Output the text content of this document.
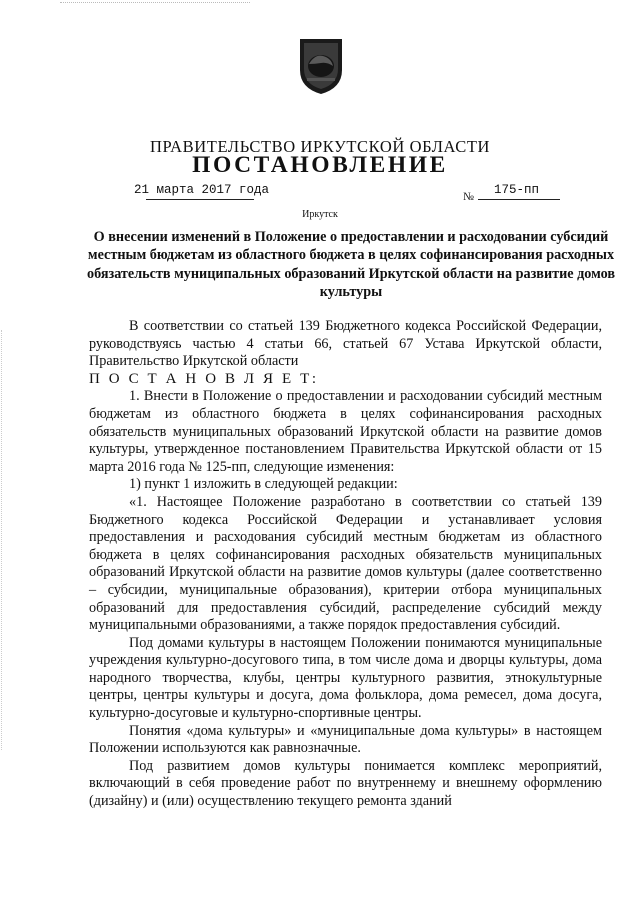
ПРАВИТЕЛЬСТВО ИРКУТСКОЙ ОБЛАСТИ
ПОСТАНОВЛЕНИЕ
21 марта 2017 года	№ 175-пп
Иркутск
О внесении изменений в Положение о предоставлении и расходовании субсидий местным бюджетам из областного бюджета в целях софинансирования расходных обязательств муниципальных образований Иркутской области на развитие домов культуры

В соответствии со статьей 139 Бюджетного кодекса Российской Федерации, руководствуясь частью 4 статьи 66, статьей 67 Устава Иркутской области, Правительство Иркутской области

П О С Т А Н О В Л Я Е Т:

1. Внести в Положение о предоставлении и расходовании субсидий местным бюджетам из областного бюджета в целях софинансирования расходных обязательств муниципальных образований Иркутской области на развитие домов культуры, утвержденное постановлением Правительства Иркутской области от 15 марта 2016 года № 125-пп, следующие изменения:

1) пункт 1 изложить в следующей редакции:

«1. Настоящее Положение разработано в соответствии со статьей 139 Бюджетного кодекса Российской Федерации и устанавливает условия предоставления и расходования субсидий местным бюджетам из областного бюджета в целях софинансирования расходных обязательств муниципальных образований Иркутской области на развитие домов культуры (далее соответственно – субсидии, муниципальные образования), критерии отбора муниципальных образований для предоставления субсидий, распределение субсидий между муниципальными образованиями, а также порядок предоставления субсидий.

Под домами культуры в настоящем Положении понимаются муниципальные учреждения культурно-досугового типа, в том числе дома и дворцы культуры, дома народного творчества, клубы, центры культурного развития, этнокультурные центры, центры культуры и досуга, дома фольклора, дома ремесел, дома досуга, культурно-досуговые и культурно-спортивные центры.

Понятия «дома культуры» и «муниципальные дома культуры» в настоящем Положении используются как равнозначные.

Под развитием домов культуры понимается комплекс мероприятий, включающий в себя проведение работ по внутреннему и внешнему оформлению (дизайну) и (или) осуществлению текущего ремонта зданий
